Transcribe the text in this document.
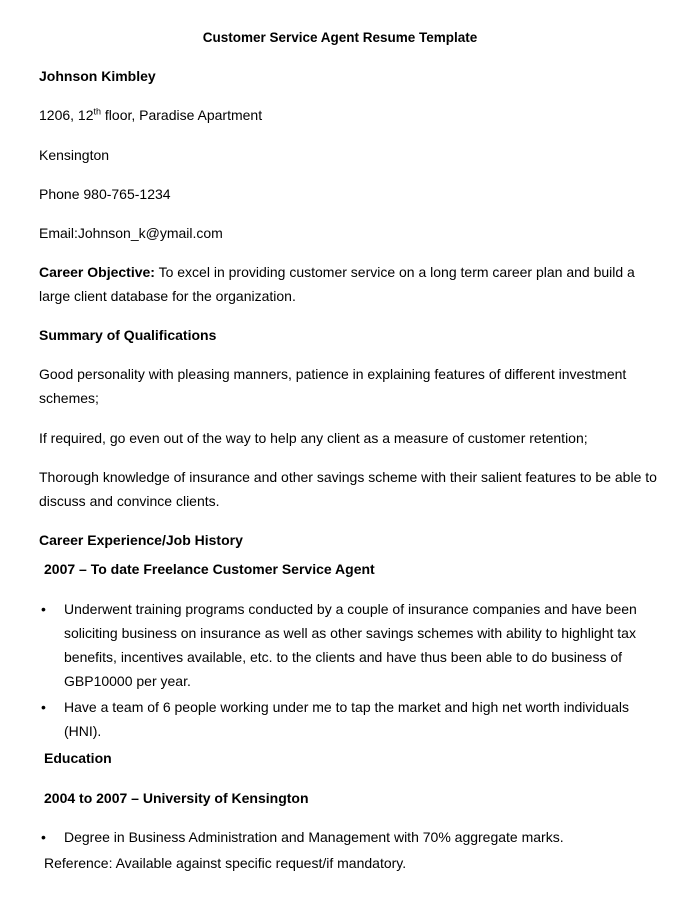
Customer Service Agent Resume Template
Johnson Kimbley
1206, 12th floor, Paradise Apartment
Kensington
Phone 980-765-1234
Email:Johnson_k@ymail.com
Career Objective: To excel in providing customer service on a long term career plan and build a large client database for the organization.
Summary of Qualifications
Good personality with pleasing manners, patience in explaining features of different investment schemes;
If required, go even out of the way to help any client as a measure of customer retention;
Thorough knowledge of insurance and other savings scheme with their salient features to be able to discuss and convince clients.
Career Experience/Job History
2007 – To date Freelance Customer Service Agent
• Underwent training programs conducted by a couple of insurance companies and have been soliciting business on insurance as well as other savings schemes with ability to highlight tax benefits, incentives available, etc. to the clients and have thus been able to do business of GBP10000 per year.
• Have a team of 6 people working under me to tap the market and high net worth individuals (HNI).
Education
2004 to 2007 – University of Kensington
• Degree in Business Administration and Management with 70% aggregate marks.
Reference: Available against specific request/if mandatory.
